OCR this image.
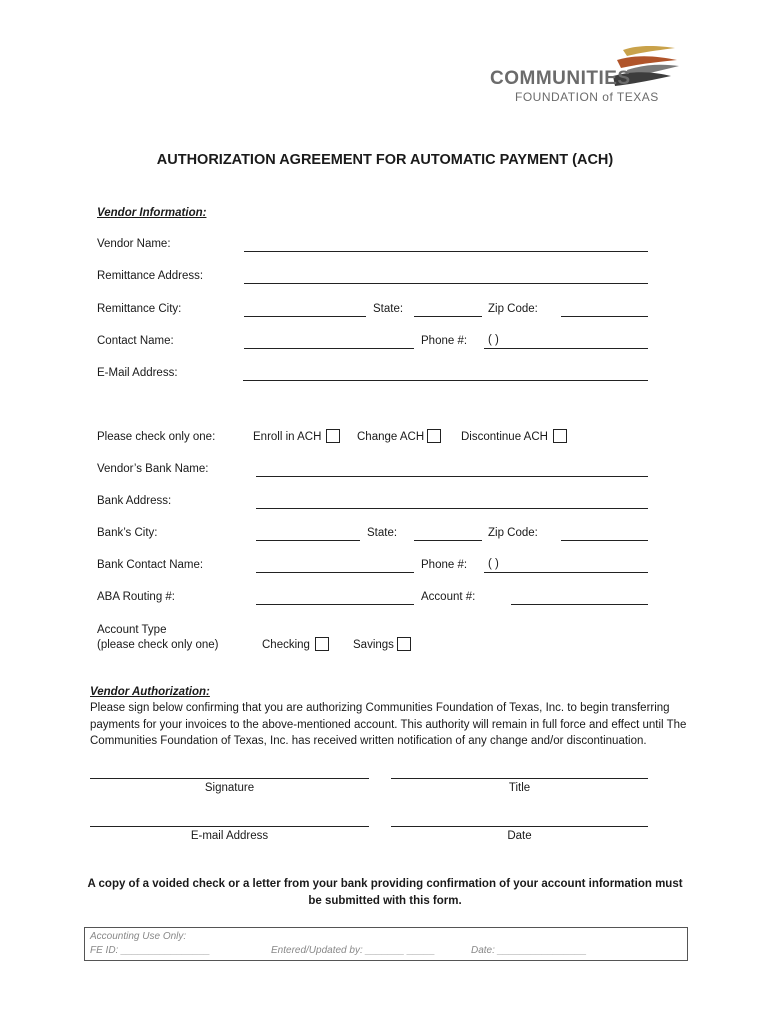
COMMUNITIES
FOUNDATION of TEXAS
AUTHORIZATION AGREEMENT FOR AUTOMATIC PAYMENT (ACH)
Vendor Information:
Vendor Name:
Remittance Address:
Remittance City:	State:	Zip Code:
Contact Name:	Phone #: ( )
E-Mail Address:
Please check only one:	Enroll in ACH	Change ACH	Discontinue ACH
Vendor’s Bank Name:
Bank Address:
Bank’s City:	State:	Zip Code:
Bank Contact Name:	Phone #: ( )
ABA Routing #:	Account #:
Account Type
(please check only one)	Checking	Savings
Vendor Authorization:
Please sign below confirming that you are authorizing Communities Foundation of Texas, Inc. to begin transferring payments for your invoices to the above-mentioned account. This authority will remain in full force and effect until The Communities Foundation of Texas, Inc. has received written notification of any change and/or discontinuation.
Signature	Title
E-mail Address	Date
A copy of a voided check or a letter from your bank providing confirmation of your account information must be submitted with this form.
Accounting Use Only:
FE ID: ________________	Entered/Updated by: _______ _____	Date: ________________
